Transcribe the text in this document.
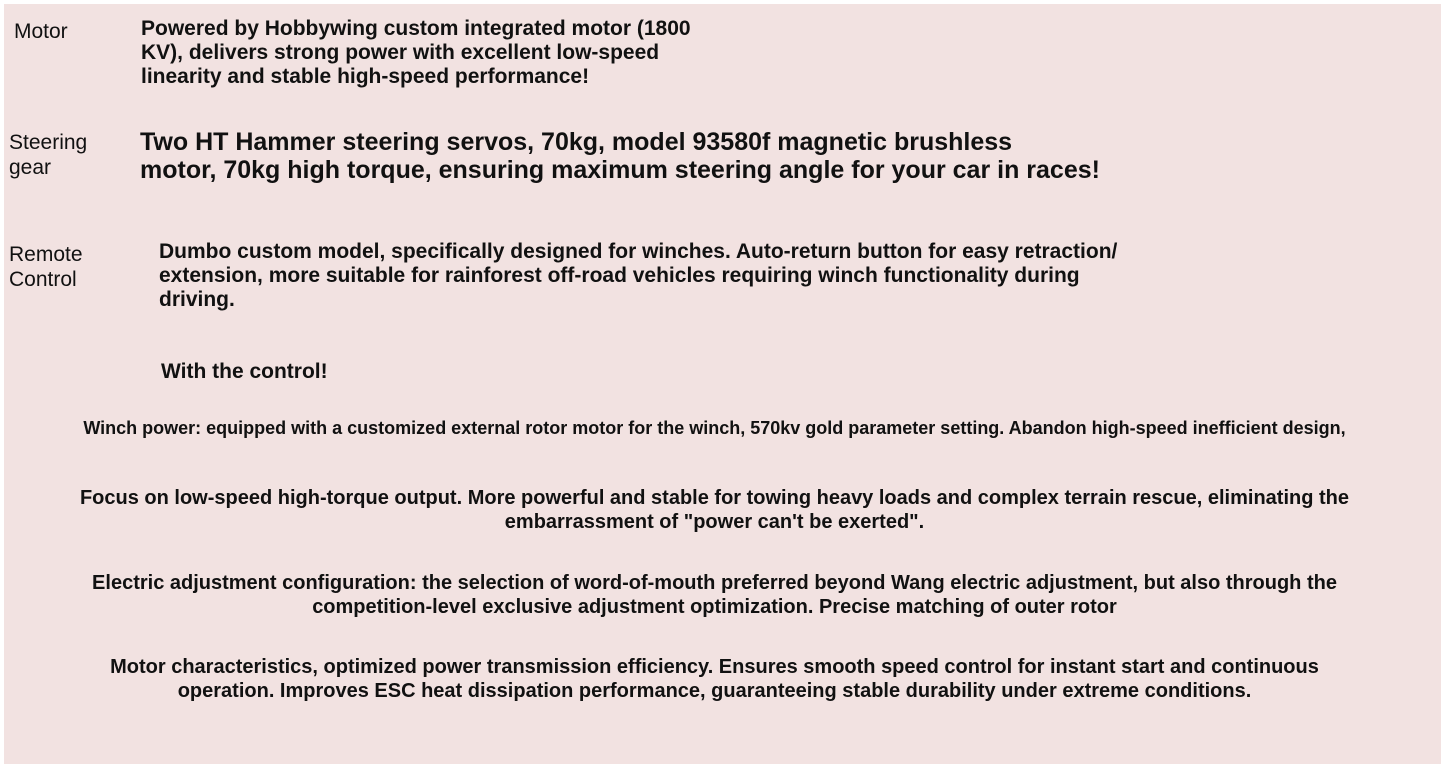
Motor	Powered by Hobbywing custom integrated motor (1800
KV), delivers strong power with excellent low-speed
linearity and stable high-speed performance!
Steering
gear
Two HT Hammer steering servos, 70kg, model 93580f magnetic brushless
motor, 70kg high torque, ensuring maximum steering angle for your car in races!
Remote
Control
Dumbo custom model, specifically designed for winches. Auto-return button for easy retraction/
extension, more suitable for rainforest off-road vehicles requiring winch functionality during
driving.
With the control!
Winch power: equipped with a customized external rotor motor for the winch, 570kv gold parameter setting. Abandon high-speed inefficient design,
Focus on low-speed high-torque output. More powerful and stable for towing heavy loads and complex terrain rescue, eliminating the
embarrassment of "power can't be exerted".
Electric adjustment configuration: the selection of word-of-mouth preferred beyond Wang electric adjustment, but also through the
competition-level exclusive adjustment optimization. Precise matching of outer rotor
Motor characteristics, optimized power transmission efficiency. Ensures smooth speed control for instant start and continuous
operation. Improves ESC heat dissipation performance, guaranteeing stable durability under extreme conditions.
